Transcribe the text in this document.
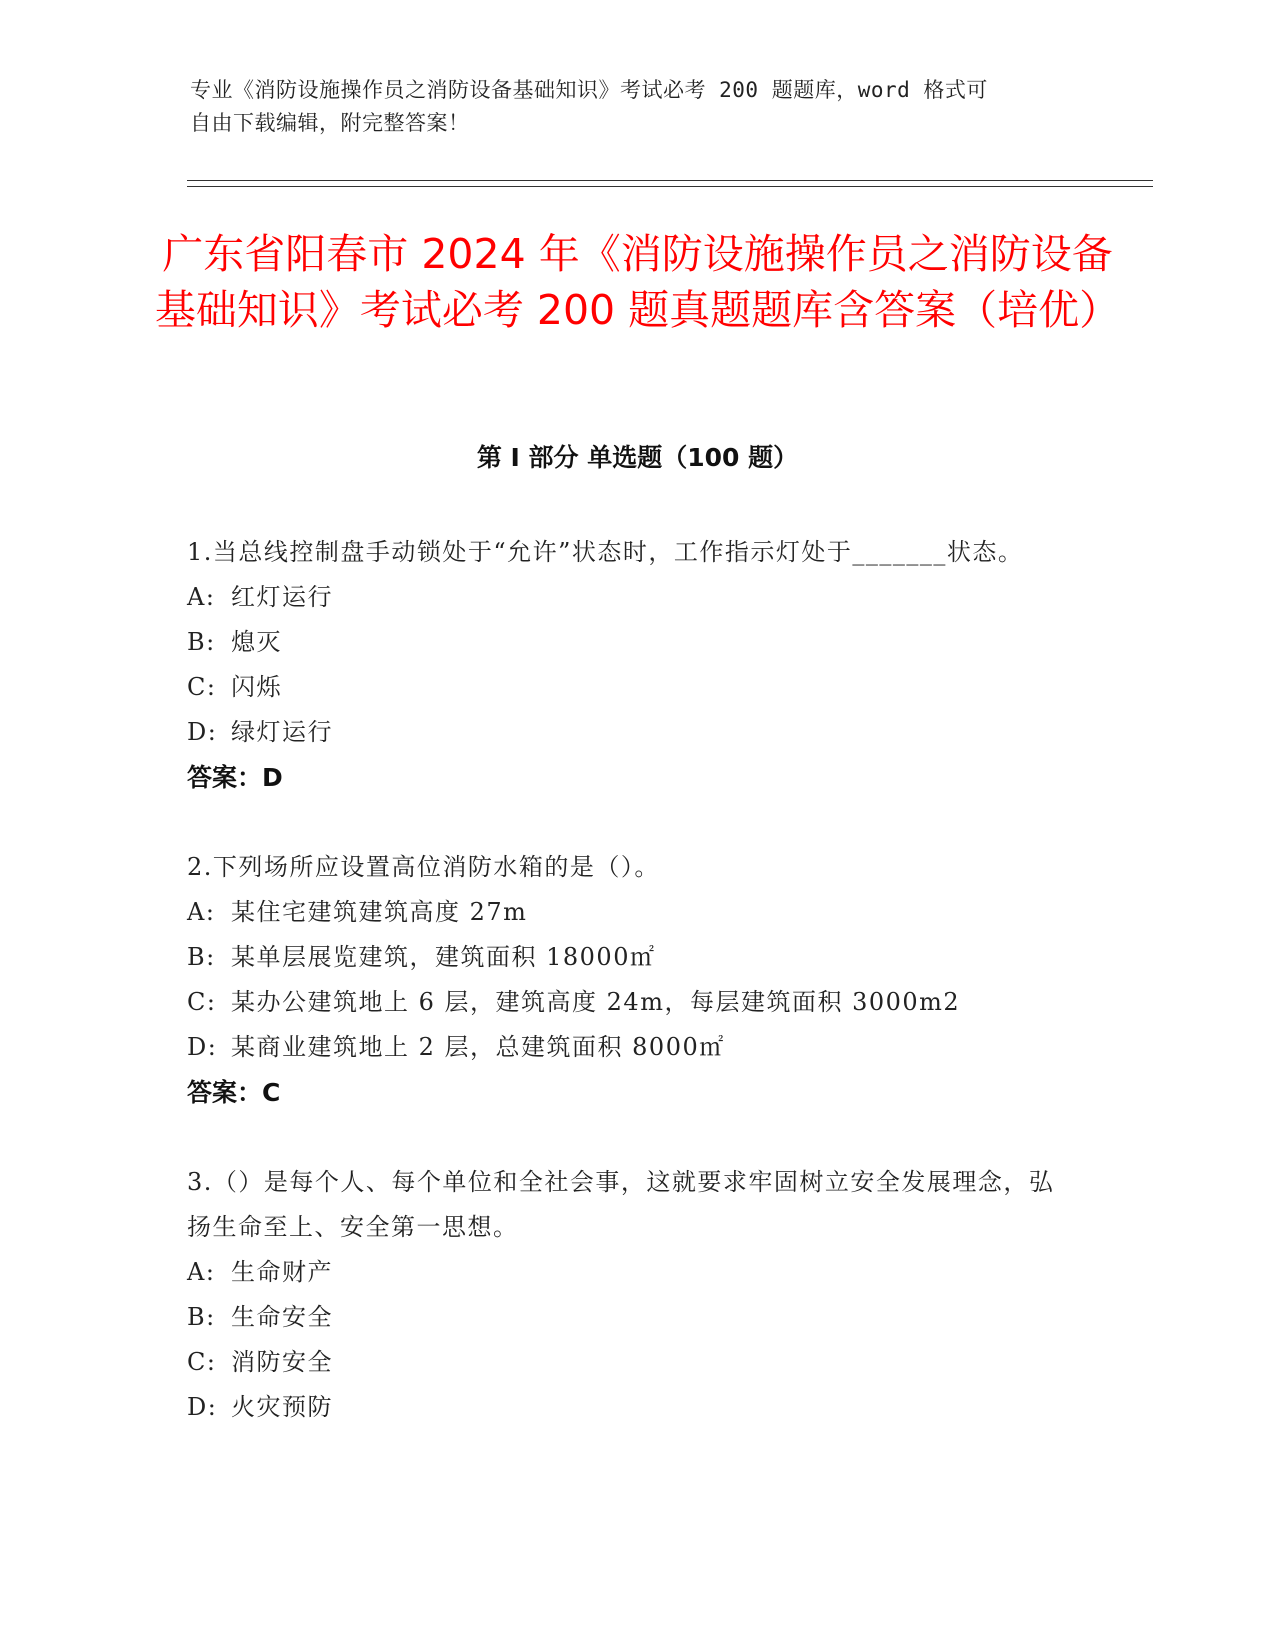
专业《消防设施操作员之消防设备基础知识》考试必考 200 题题库，word 格式可
自由下载编辑，附完整答案！
广东省阳春市 2024 年《消防设施操作员之消防设备基础知识》考试必考 200 题真题题库含答案（培优）
第 I 部分 单选题（100 题）

1.当总线控制盘手动锁处于“允许”状态时，工作指示灯处于_______状态。

A: 红灯运行

B: 熄灭

C: 闪烁

D: 绿灯运行

答案：D

2.下列场所应设置高位消防水箱的是（）。

A: 某住宅建筑建筑高度 27m

B: 某单层展览建筑，建筑面积 18000㎡

C: 某办公建筑地上 6 层，建筑高度 24m，每层建筑面积 3000m2

D: 某商业建筑地上 2 层，总建筑面积 8000㎡

答案：C

3.（）是每个人、每个单位和全社会事，这就要求牢固树立安全发展理念，弘扬生命至上、安全第一思想。

A: 生命财产

B: 生命安全

C: 消防安全

D: 火灾预防
